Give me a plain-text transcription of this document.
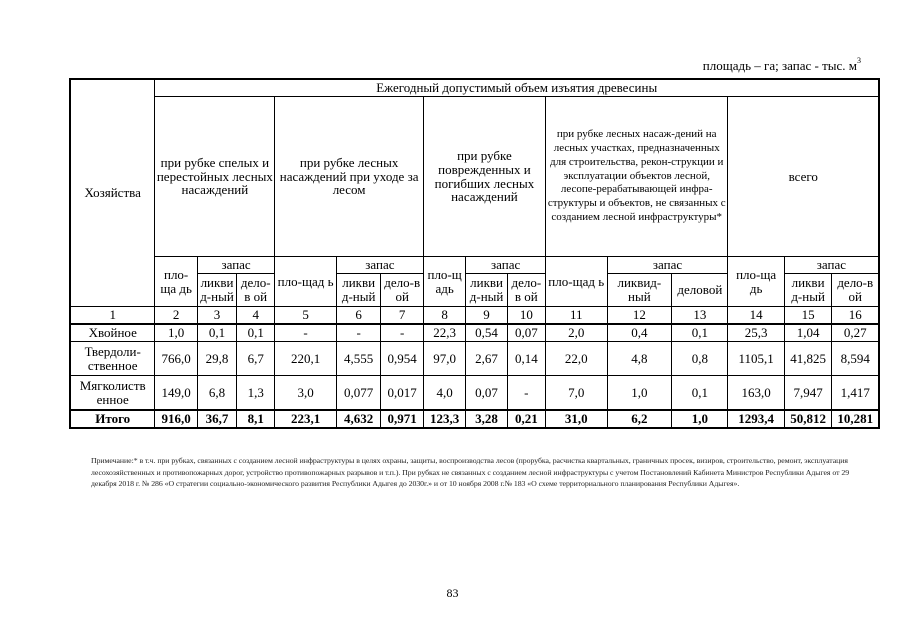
площадь – га; запас - тыс. $м^3$
Хозяйства	Ежегодный допустимый объем изъятия древесины														
	при рубке спелых и перестойных лесных насаждений			при рубке лесных насаждений при уходе за лесом			при рубке поврежденных и погибших лесных насаждений			при рубке лесных насаж-дений на лесных участках, предназначенных для строительства, рекон-струкции и эксплуатации объектов лесной, лесопе-рерабатывающей инфра-структуры и объектов, не связанных с созданием лесной инфраструктуры*			всего		
	пло-ща дь	запас		пло-щад ь	запас		пло-щ адь	запас		пло-щад ь	запас		пло-ща дь	запас	
		ликви д-ный	дело-в ой		ликви д-ный	дело-в ой		ликви д-ный	дело-в ой		ликвид-ный	деловой		ликви д-ный	дело-в ой
1	2	3	4	5	6	7	8	9	10	11	12	13	14	15	16
Хвойное	1,0	0,1	0,1	-	-	-	22,3	0,54	0,07	2,0	0,4	0,1	25,3	1,04	0,27
Твердоли-ственное	766,0	29,8	6,7	220,1	4,555	0,954	97,0	2,67	0,14	22,0	4,8	0,8	1105,1	41,825	8,594
Мягколиств енное	149,0	6,8	1,3	3,0	0,077	0,017	4,0	0,07	-	7,0	1,0	0,1	163,0	7,947	1,417
Итого	916,0	36,7	8,1	223,1	4,632	0,971	123,3	3,28	0,21	31,0	6,2	1,0	1293,4	50,812	10,281
Примечание:* в т.ч. при рубках, связанных с созданием лесной инфраструктуры в целях охраны, защиты, воспроизводства лесов (прорубка, расчистка квартальных, граничных просек, визиров, строительство, ремонт, эксплуатация лесохозяйственных и противопожарных дорог, устройство противопожарных разрывов и т.п.). При рубках не связанных с созданием лесной инфраструктуры с учетом Постановлений Кабинета Министров Республики Адыгея от 29 декабря 2018 г. № 286 «О стратегии социально-экономического развития Республики Адыгея до 2030г.» и от 10 ноября 2008 г.№ 183 «О схеме территориального планирования Республики Адыгея».
83
